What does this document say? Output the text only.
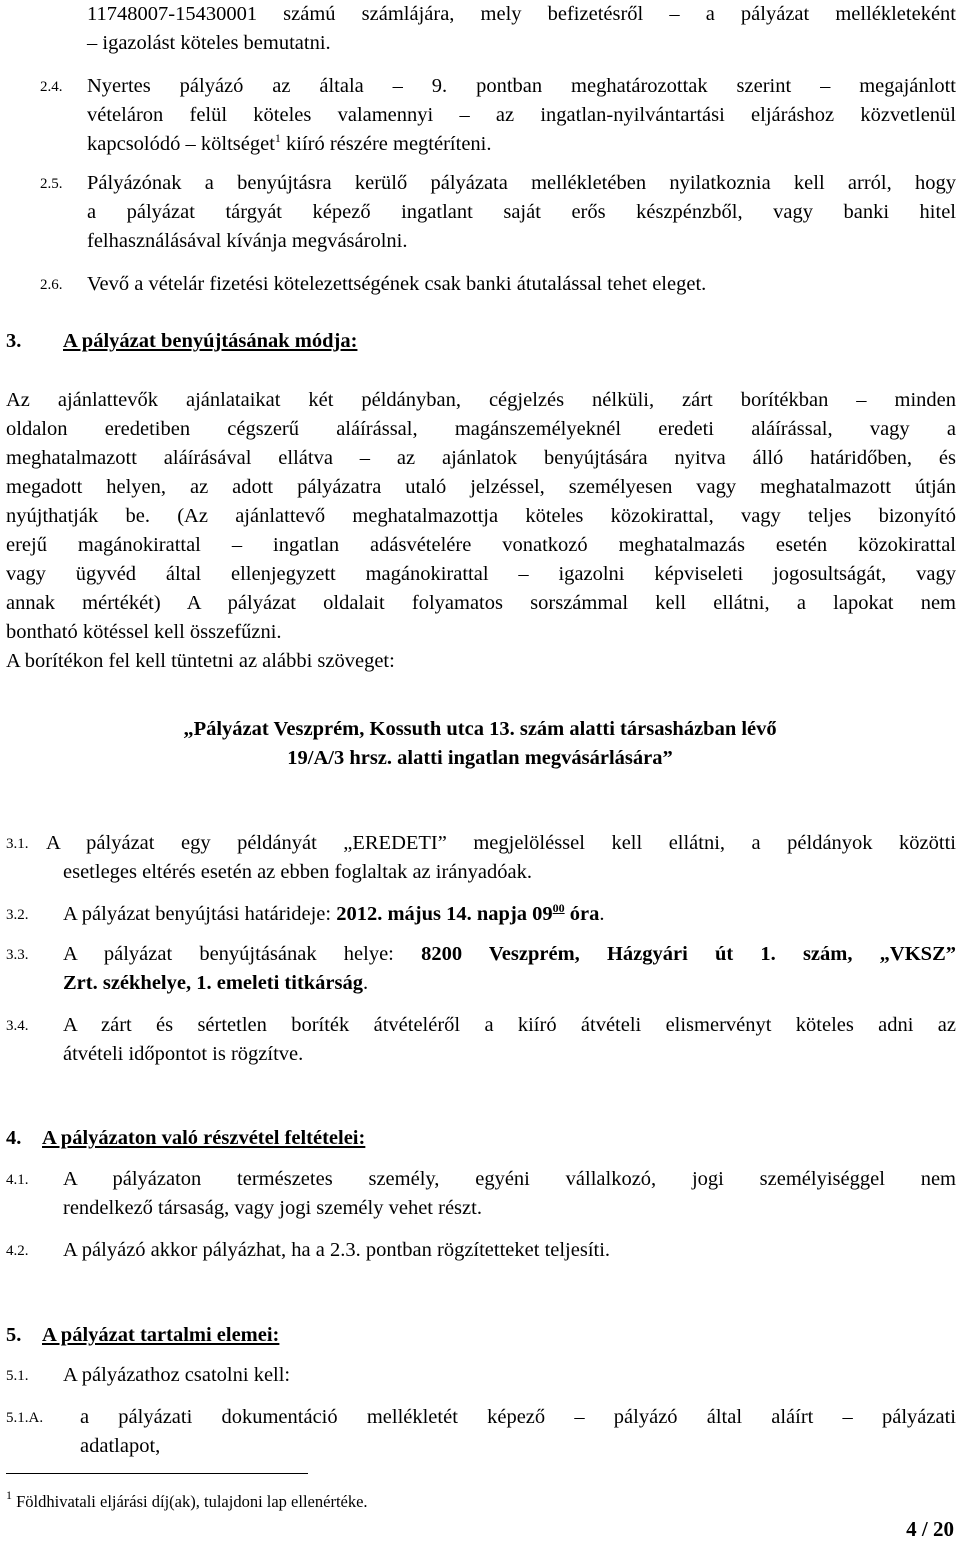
11748007-15430001 számú számlájára, mely befizetésről – a pályázat mellékleteként
– igazolást köteles bemutatni.
2.4. Nyertes pályázó az általa – 9. pontban meghatározottak szerint – megajánlott
vételáron felül köteles valamennyi – az ingatlan-nyilvántartási eljáráshoz közvetlenül
kapcsolódó – költséget$^1$ kiíró részére megtéríteni.
2.5. Pályázónak a benyújtásra kerülő pályázata mellékletében nyilatkoznia kell arról, hogy
a pályázat tárgyát képező ingatlant saját erős készpénzből, vagy banki hitel
felhasználásával kívánja megvásárolni.
2.6. Vevő a vételár fizetési kötelezettségének csak banki átutalással tehet eleget.
3. A pályázat benyújtásának módja:
Az ajánlattevők ajánlataikat két példányban, cégjelzés nélküli, zárt borítékban – minden
oldalon eredetiben cégszerű aláírással, magánszemélyeknél eredeti aláírással, vagy a
meghatalmazott aláírásával ellátva – az ajánlatok benyújtására nyitva álló határidőben, és
megadott helyen, az adott pályázatra utaló jelzéssel, személyesen vagy meghatalmazott útján
nyújthatják be. (Az ajánlattevő meghatalmazottja köteles közokirattal, vagy teljes bizonyító
erejű magánokirattal – ingatlan adásvételére vonatkozó meghatalmazás esetén közokirattal
vagy ügyvéd által ellenjegyzett magánokirattal – igazolni képviseleti jogosultságát, vagy
annak mértékét) A pályázat oldalait folyamatos sorszámmal kell ellátni, a lapokat nem
bontható kötéssel kell összefűzni.
A borítékon fel kell tüntetni az alábbi szöveget:
„Pályázat Veszprém, Kossuth utca 13. szám alatti társasházban lévő
19/A/3 hrsz. alatti ingatlan megvásárlására”
3.1. A pályázat egy példányát „EREDETI” megjelöléssel kell ellátni, a példányok közötti
esetleges eltérés esetén az ebben foglaltak az irányadóak.
3.2. A pályázat benyújtási határideje: 2012. május 14. napja $09^{00}$ óra.
3.3. A pályázat benyújtásának helye: 8200 Veszprém, Házgyári út 1. szám, „VKSZ”
Zrt. székhelye, 1. emeleti titkárság.
3.4. A zárt és sértetlen boríték átvételéről a kiíró átvételi elismervényt köteles adni az
átvételi időpontot is rögzítve.
4. A pályázaton való részvétel feltételei:
4.1. A pályázaton természetes személy, egyéni vállalkozó, jogi személyiséggel nem
rendelkező társaság, vagy jogi személy vehet részt.
4.2. A pályázó akkor pályázhat, ha a 2.3. pontban rögzítetteket teljesíti.
5. A pályázat tartalmi elemei:
5.1. A pályázathoz csatolni kell:
5.1.A. a pályázati dokumentáció mellékletét képező – pályázó által aláírt – pályázati
adatlapot,
$^1$ Földhivatali eljárási díj(ak), tulajdoni lap ellenértéke.
4 / 20
